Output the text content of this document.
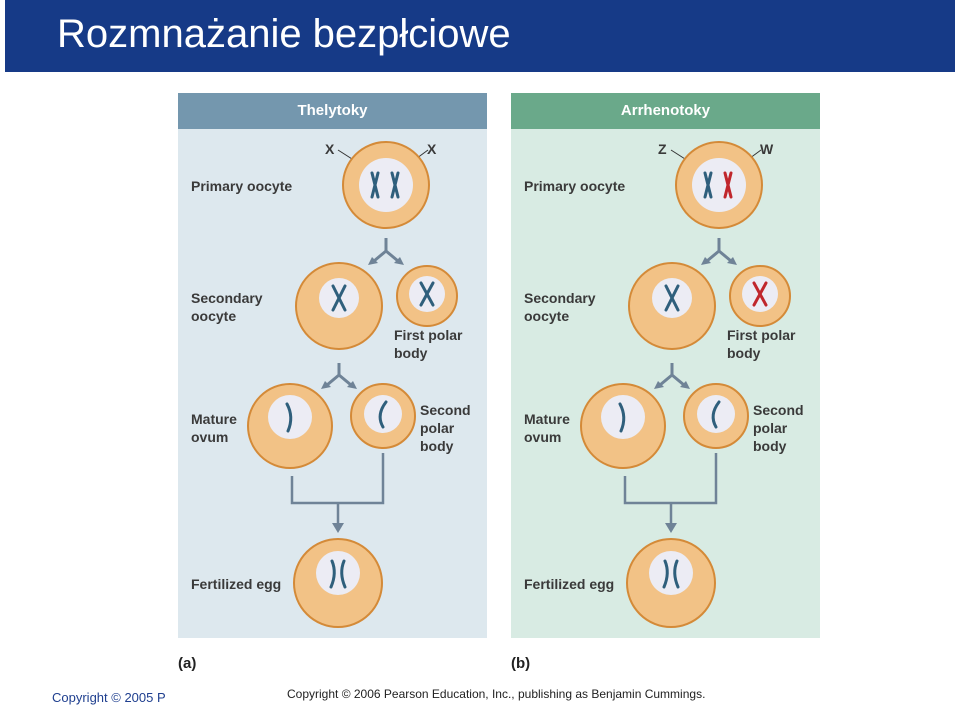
Rozmnażanie bezpłciowe
Thelytoky
X	X
Primary oocyte
Secondary
oocyte
First polar
body
Mature
ovum
Second
polar
body
Fertilized egg
Arrhenotoky
Z	W
Primary oocyte
Secondary
oocyte
First polar
body
Mature
ovum
Second
polar
body
Fertilized egg
(a)	(b)
Copyright © 2005 P	Copyright © 2006 Pearson Education, Inc., publishing as Benjamin Cummings.
